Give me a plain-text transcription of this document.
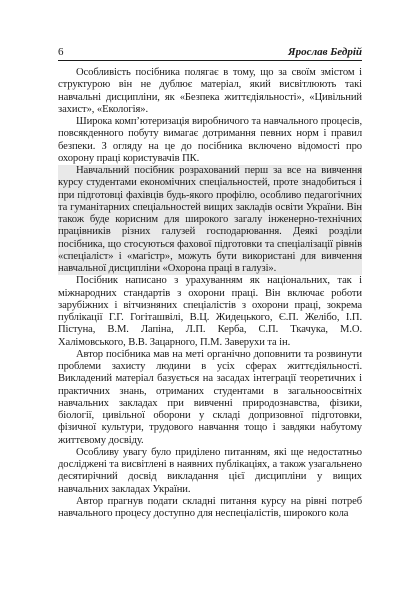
6	Ярослав Бедрій

Особливість посібника полягає в тому, що за своїм змістом і структурою він не дублює матеріал, який висвітлюють такі навчальні дисципліни, як «Безпека життєдіяльності», «Цивільний захист», «Екологія».

Широка комп’ютеризація виробничого та навчального процесів, повсякденного побуту вимагає дотримання певних норм і правил безпеки. З огляду на це до посібника включено відомості про охорону праці користувачів ПК.

Навчальний посібник розрахований перш за все на вивчення курсу студентами економічних спеціальностей, проте знадобиться і при підготовці фахівців будь-якого профілю, особливо педагогічних та гуманітарних спеціальностей вищих закладів освіти України. Він також буде корисним для широкого загалу інженерно-технічних працівників різних галузей господарювання. Деякі розділи посібника, що стосуються фахової підготовки та спеціалізації рівнів «спеціаліст» і «магістр», можуть бути використані для вивчення навчальної дисципліни «Охорона праці в галузі».

Посібник написано з урахуванням як національних, так і міжнародних стандартів з охорони праці. Він включає роботи зарубіжних і вітчизняних спеціалістів з охорони праці, зокрема публікації Г.Г. Гогіташвілі, В.Ц. Жидецького, Є.П. Желібо, І.П. Пістуна, В.М. Лапіна, Л.П. Керба, С.П. Ткачука, М.О. Халімовського, В.В. Зацарного, П.М. Заверухи та ін.

Автор посібника мав на меті органічно доповнити та розвинути проблеми захисту людини в усіх сферах життєдіяльності. Викладений матеріал базується на засадах інтеграції теоретичних і практичних знань, отриманих студентами в загальноосвітніх навчальних закладах при вивченні природознавства, фізики, біології, цивільної оборони у складі допризовної підготовки, фізичної культури, трудового навчання тощо і завдяки набутому життєвому досвіду.

Особливу увагу було приділено питанням, які ще недостатньо досліджені та висвітлені в наявних публікаціях, а також узагальнено десятирічний досвід викладання цієї дисципліни у вищих навчальних закладах України.

Автор прагнув подати складні питання курсу на рівні потреб навчального процесу доступно для неспеціалістів, широкого кола
